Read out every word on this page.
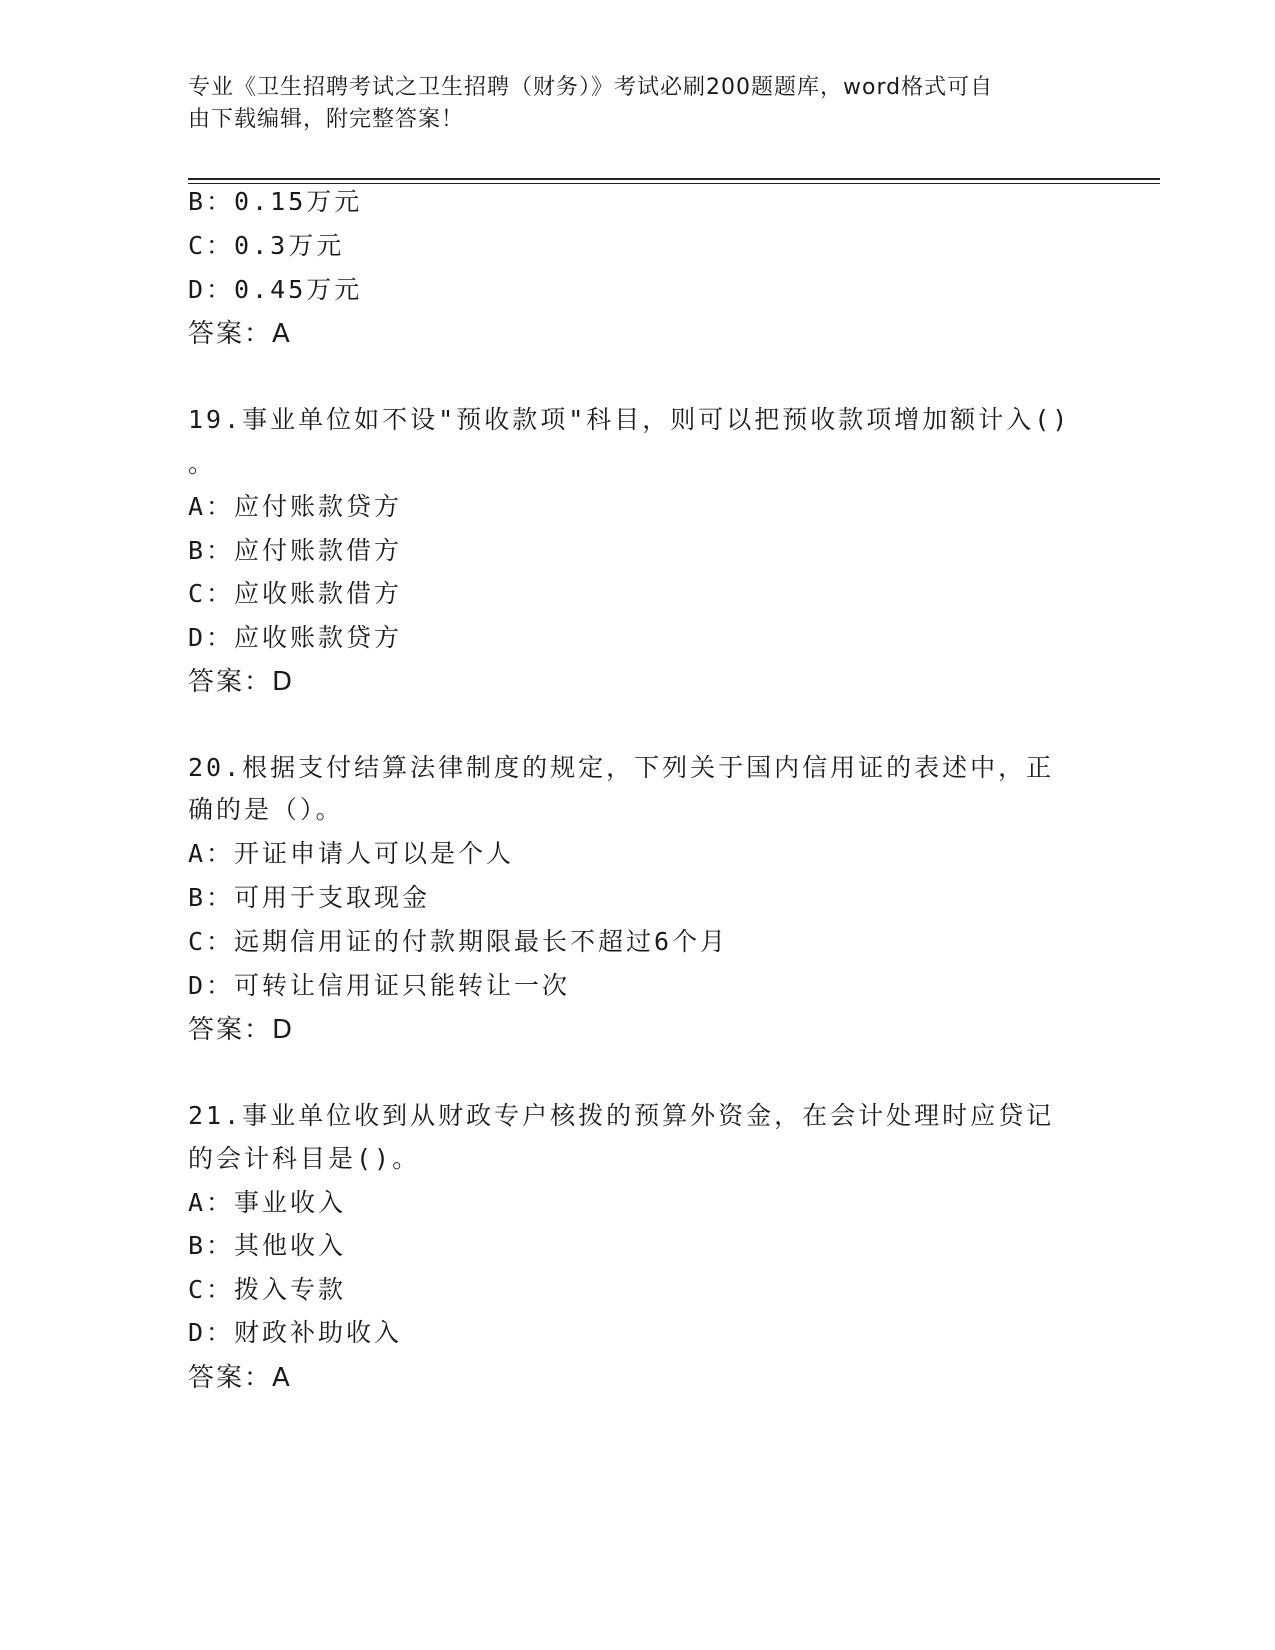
专业《卫生招聘考试之卫生招聘（财务）》考试必刷200题题库，word格式可自
由下载编辑，附完整答案！
B：0.15万元
C：0.3万元
D：0.45万元
答案：A
19.事业单位如不设"预收款项"科目，则可以把预收款项增加额计入()
。
A：应付账款贷方
B：应付账款借方
C：应收账款借方
D：应收账款贷方
答案：D
20.根据支付结算法律制度的规定，下列关于国内信用证的表述中，正
确的是（）。
A：开证申请人可以是个人
B：可用于支取现金
C：远期信用证的付款期限最长不超过6个月
D：可转让信用证只能转让一次
答案：D
21.事业单位收到从财政专户核拨的预算外资金，在会计处理时应贷记
的会计科目是()。
A：事业收入
B：其他收入
C：拨入专款
D：财政补助收入
答案：A
